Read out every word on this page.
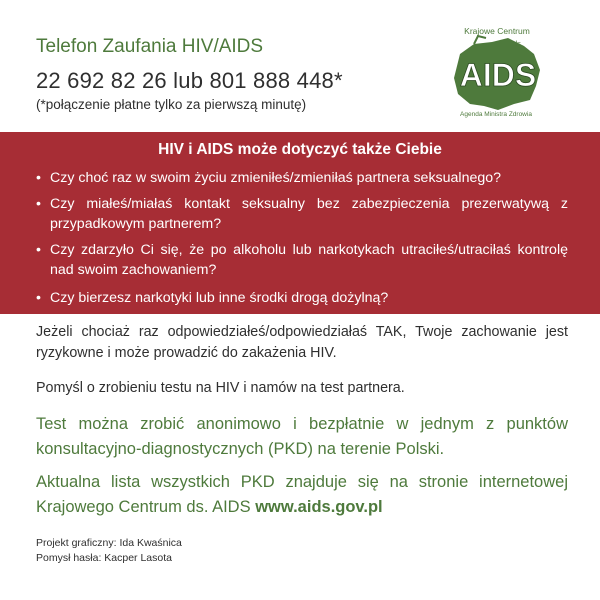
Telefon Zaufania HIV/AIDS
22 692 82 26 lub 801 888 448*
(*połączenie płatne tylko za pierwszą minutę)
Krajowe Centrum
ds.
AIDS
Agenda Ministra Zdrowia
HIV i AIDS może dotyczyć także Ciebie
• Czy choć raz w swoim życiu zmieniłeś/zmieniłaś partnera seksualnego?
• Czy miałeś/miałaś kontakt seksualny bez zabezpieczenia prezerwatywą z przypadkowym partnerem?
• Czy zdarzyło Ci się, że po alkoholu lub narkotykach utraciłeś/utraciłaś kontrolę nad swoim zachowaniem?
• Czy bierzesz narkotyki lub inne środki drogą dożylną?
Jeżeli chociaż raz odpowiedziałeś/odpowiedziałaś TAK, Twoje zachowanie jest ryzykowne i może prowadzić do zakażenia HIV.
Pomyśl o zrobieniu testu na HIV i namów na test partnera.
Test można zrobić anonimowo i bezpłatnie w jednym z punktów konsultacyjno-diagnostycznych (PKD) na terenie Polski.
Aktualna lista wszystkich PKD znajduje się na stronie internetowej Krajowego Centrum ds. AIDS www.aids.gov.pl
Projekt graficzny: Ida Kwaśnica
Pomysł hasła: Kacper Lasota
